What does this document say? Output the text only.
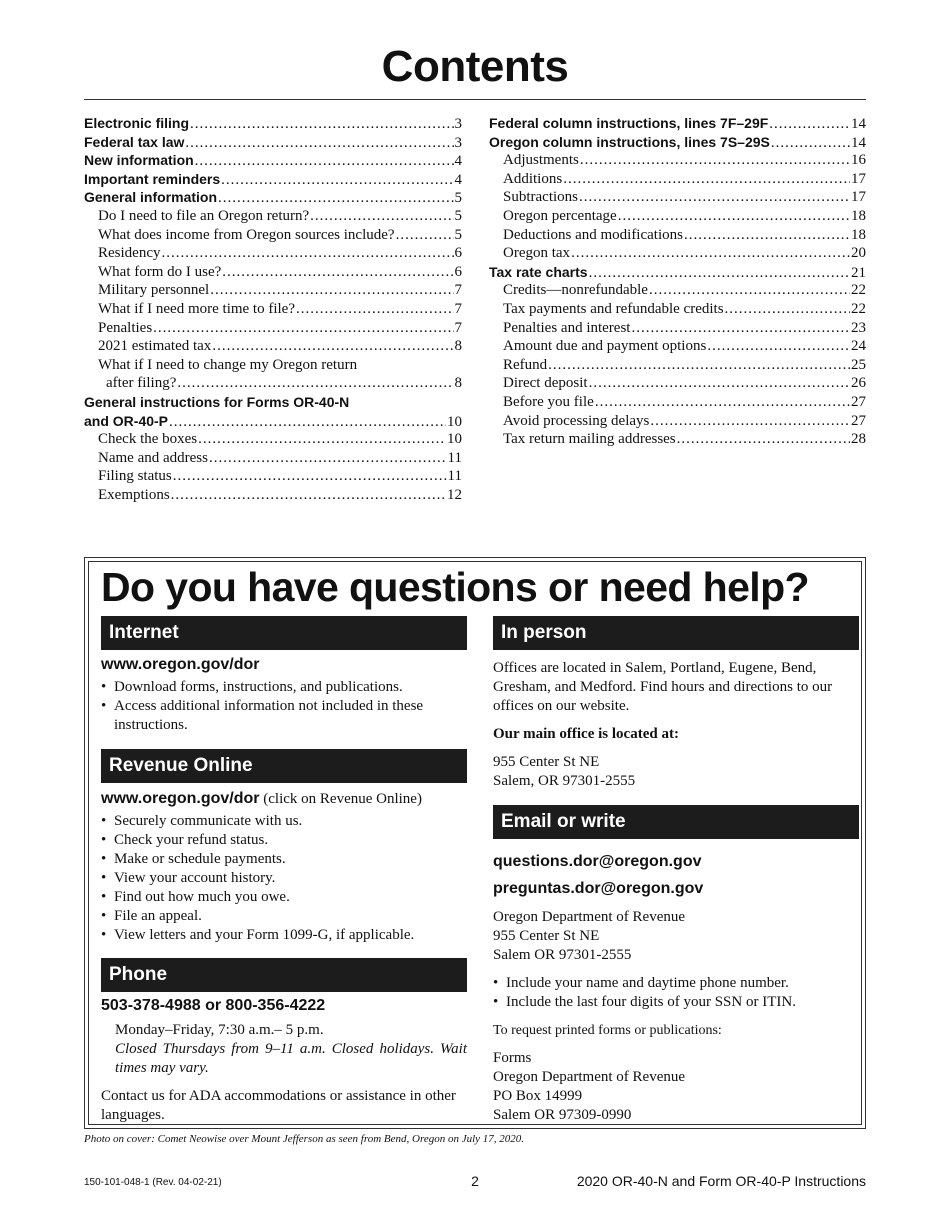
Contents
Electronic filing .....	3
Federal tax law .....	3
New information .....	4
Important reminders .....	4
General information .....	5
Do I need to file an Oregon return? .....	5
What does income from Oregon sources include? .....	5
Residency .....	6
What form do I use? .....	6
Military personnel .....	7
What if I need more time to file? .....	7
Penalties .....	7
2021 estimated tax .....	8
What if I need to change my Oregon return
after filing? .....	8
General instructions for Forms OR-40-N
and OR-40-P .....	10
Check the boxes .....	10
Name and address .....	11
Filing status .....	11
Exemptions .....	12
Federal column instructions, lines 7F–29F .....	14
Oregon column instructions, lines 7S–29S .....	14
Adjustments .....	16
Additions .....	17
Subtractions .....	17
Oregon percentage .....	18
Deductions and modifications .....	18
Oregon tax .....	20
Tax rate charts .....	21
Credits—nonrefundable .....	22
Tax payments and refundable credits .....	22
Penalties and interest .....	23
Amount due and payment options .....	24
Refund .....	25
Direct deposit .....	26
Before you file .....	27
Avoid processing delays .....	27
Tax return mailing addresses .....	28
Do you have questions or need help?
Internet
www.oregon.gov/dor
• Download forms, instructions, and publications.
• Access additional information not included in these instructions.
Revenue Online
www.oregon.gov/dor (click on Revenue Online)
• Securely communicate with us.
• Check your refund status.
• Make or schedule payments.
• View your account history.
• Find out how much you owe.
• File an appeal.
• View letters and your Form 1099-G, if applicable.
Phone
503-378-4988 or 800-356-4222
Monday–Friday, 7:30 a.m.– 5 p.m.
Closed Thursdays from 9–11 a.m. Closed holidays. Wait times may vary.
Contact us for ADA accommodations or assistance in other languages.
In person
Offices are located in Salem, Portland, Eugene, Bend, Gresham, and Medford. Find hours and directions to our offices on our website.
Our main office is located at:
955 Center St NE
Salem, OR 97301-2555
Email or write
questions.dor@oregon.gov
preguntas.dor@oregon.gov
Oregon Department of Revenue
955 Center St NE
Salem OR 97301-2555
• Include your name and daytime phone number.
• Include the last four digits of your SSN or ITIN.
To request printed forms or publications:
Forms
Oregon Department of Revenue
PO Box 14999
Salem OR 97309-0990
Photo on cover: Comet Neowise over Mount Jefferson as seen from Bend, Oregon on July 17, 2020.
150-101-048-1 (Rev. 04-02-21)	2	2020 OR-40-N and Form OR-40-P Instructions
